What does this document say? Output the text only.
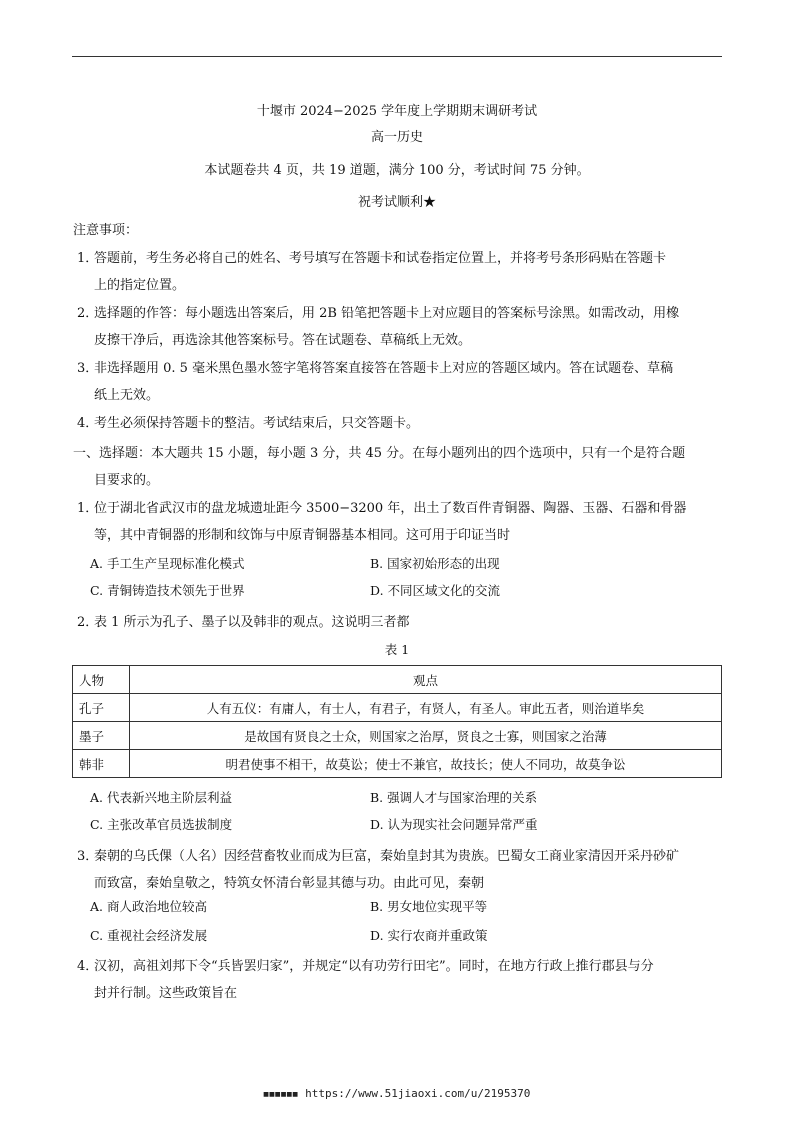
十堰市 2024−2025 学年度上学期期末调研考试
高一历史
本试题卷共 4 页，共 19 道题，满分 100 分，考试时间 75 分钟。
祝考试顺利★
注意事项：
1．
答题前，考生务必将自己的姓名、考号填写在答题卡和试卷指定位置上，并将考号条形码贴在答题卡
上的指定位置。
2．
选择题的作答：每小题选出答案后，用 2B 铅笔把答题卡上对应题目的答案标号涂黑。如需改动，用橡
皮擦干净后，再选涂其他答案标号。答在试题卷、草稿纸上无效。
3．
非选择题用 0. 5 毫米黑色墨水签字笔将答案直接答在答题卡上对应的答题区域内。答在试题卷、草稿
纸上无效。
4．
考生必须保持答题卡的整洁。考试结束后，只交答题卡。
一、选择题：本大题共 15 小题，每小题 3 分，共 45 分。在每小题列出的四个选项中，只有一个是符合题
目要求的。
1．
位于湖北省武汉市的盘龙城遗址距今 3500−3200 年，出土了数百件青铜器、陶器、玉器、石器和骨器
等，其中青铜器的形制和纹饰与中原青铜器基本相同。这可用于印证当时
A. 手工生产呈现标准化模式	B. 国家初始形态的出现
C. 青铜铸造技术领先于世界	D. 不同区域文化的交流
2．
表 1 所示为孔子、墨子以及韩非的观点。这说明三者都
表 1
人物	观点
孔子	人有五仪：有庸人，有士人，有君子，有贤人，有圣人。审此五者，则治道毕矣
墨子	是故国有贤良之士众，则国家之治厚，贤良之士寡，则国家之治薄
韩非	明君使事不相干，故莫讼；使士不兼官，故技长；使人不同功，故莫争讼
A. 代表新兴地主阶层利益	B. 强调人才与国家治理的关系
C. 主张改革官员选拔制度	D. 认为现实社会问题异常严重
3．
秦朝的乌氏倮（人名）因经营畜牧业而成为巨富，秦始皇封其为贵族。巴蜀女工商业家清因开采丹砂矿
而致富，秦始皇敬之，特筑女怀清台彰显其德与功。由此可见，秦朝
A. 商人政治地位较高	B. 男女地位实现平等
C. 重视社会经济发展	D. 实行农商并重政策
4．
汉初，高祖刘邦下令“兵皆罢归家”，并规定“以有功劳行田宅”。同时，在地方行政上推行郡县与分
封并行制。这些政策旨在
■■■■■■ https://www.51jiaoxi.com/u/2195370
